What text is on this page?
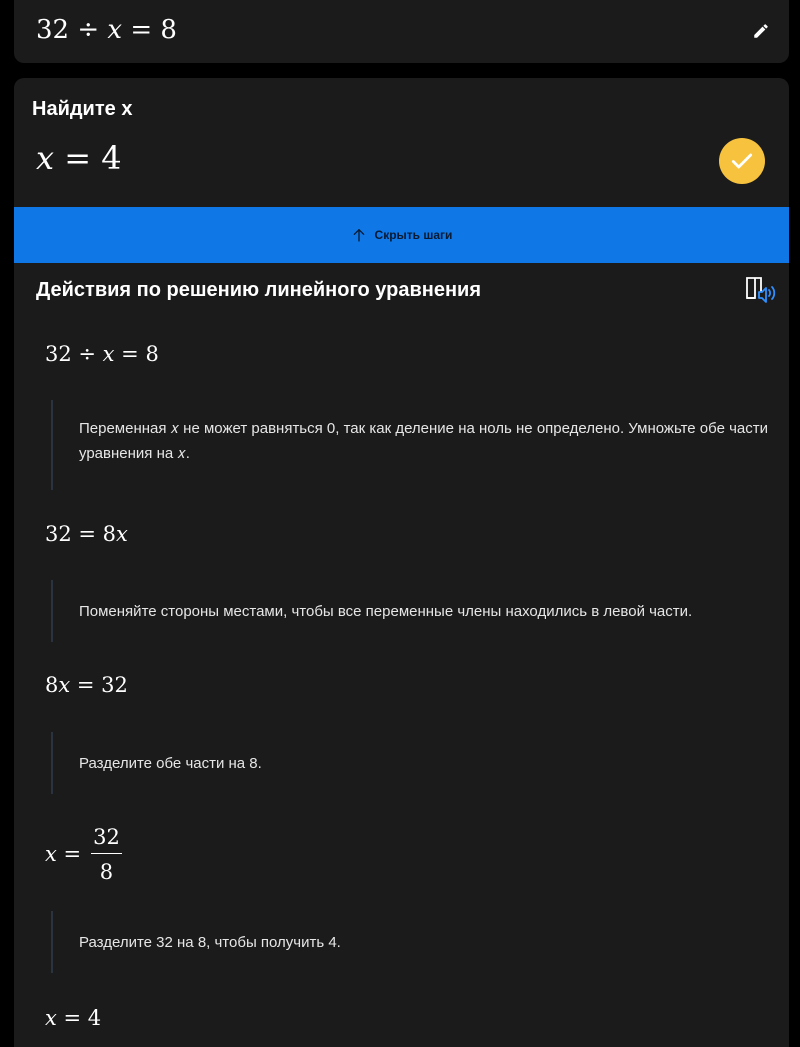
32 ÷ 𝑥 = 8
Найдите x
𝑥 = 4
Скрыть шаги
Действия по решению линейного уравнения
32 ÷ 𝑥 = 8
Переменная 𝑥 не может равняться 0, так как деление на ноль не определено. Умножьте обе части уравнения на 𝑥.
32 = 8𝑥
Поменяйте стороны местами, чтобы все переменные члены находились в левой части.
8𝑥 = 32
Разделите обе части на 8.
𝑥 = $\frac{32}{8}$
Разделите 32 на 8, чтобы получить 4.
𝑥 = 4
